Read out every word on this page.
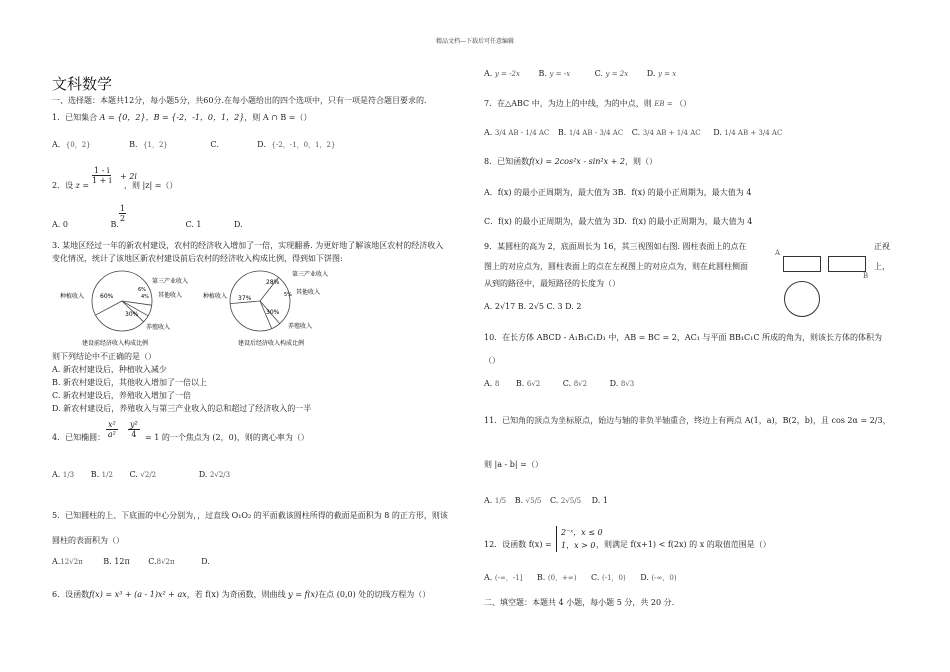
精品文档---下载后可任意编辑
文科数学
一、选择题：本题共12分，每小题5分，共60分.在每小题给出的四个选项中，只有一项是符合题目要求的.
1．已知集合 A = {0，2}，B = {-2，-1，0，1，2}，则 A ∩ B =（）
A．{0，2}	B．{1，2}	C．	D．{-2，-1，0，1，2}
2．设 z =
1 - i
1 + i + 2i
，则 |z| =（）
A. 0	B.	C. 1	D.
1
2
3. 某地区经过一年的新农村建设，农村的经济收入增加了一倍，实现翻番. 为更好地了解该地区农村的经济收入
变化情况，统计了该地区新农村建设前后农村的经济收入构成比例，得到如下饼图:
种植收入
第三产业收入
其他收入
养殖收入
60%
6%
4%
30%
建设前经济收入构成比例
种植收入
第三产业收入
其他收入
养殖收入
37%
28%
5%
30%
建设后经济收入构成比例
则下列结论中不正确的是（）
A. 新农村建设后，种植收入减少
B. 新农村建设后，其他收入增加了一倍以上
C. 新农村建设后，养殖收入增加了一倍
D. 新农村建设后，养殖收入与第三产业收入的总和超过了经济收入的一半
4．已知椭圆：
x²
a²
y²
4	= 1 的一个焦点为 (2，0)，则的离心率为（）
A. 1/3 B. 1/2 C. √2/2	D. 2√2/3
5．已知圆柱的上、下底面的中心分别为，，过直线 O₁O₂ 的平面截该圆柱所得的截面是面积为 8 的正方形，则该
圆柱的表面积为（）
A.12√2π	B. 12π C.8√2π	D.
6．设函数f(x) = x³ + (a - 1)x² + ax，若 f(x) 为奇函数，则曲线 y = f(x)在点 (0,0) 处的切线方程为（）
A. y = -2x B. y = -x	C. y = 2x D. y = x
7．在△ABC 中，为边上的中线，为的中点，则 EB = （）
A. 3/4 AB - 1/4 AC B. 1/4 AB - 3/4 AC C. 3/4 AB + 1/4 AC D. 1/4 AB + 3/4 AC
8．已知函数f(x) = 2cos²x - sin²x + 2，则（）
A．f(x) 的最小正周期为，最大值为 3B．f(x) 的最小正周期为，最大值为 4
C．f(x) 的最小正周期为，最大值为 3D．f(x) 的最小正周期为，最大值为 4
9．某圆柱的高为 2，底面周长为 16，其三视图如右图. 圆柱表面上的点在	正视
图上的对应点为，圆柱表面上的点在左视图上的对应点为，则在此圆柱侧面	上，
从到的路径中，最短路径的长度为（）
A. 2√17 B. 2√5 C. 3 D. 2
A
B
10．在长方体 ABCD - A₁B₁C₁D₁ 中，AB = BC = 2，AC₁ 与平面 BB₁C₁C 所成的角为，则该长方体的体积为
（）
A. 8 B. 6√2	C. 8√2	D. 8√3
11．已知角的顶点为坐标原点，始边与轴的非负半轴重合，终边上有两点 A(1，a)，B(2，b)，且 cos 2α = 2/3，
则 |a - b| =（）
A. 1/5 B. √5/5 C. 2√5/5 D. 1
12．设函数 f(x) =
2⁻ˣ，x ≤ 0
1，x > 0 ，则满足 f(x+1) < f(2x) 的 x 的取值范围是（）
A. (-∞，-1] B. (0，+∞) C. (-1，0) D. (-∞，0)
二、填空题：本题共 4 小题，每小题 5 分，共 20 分.
